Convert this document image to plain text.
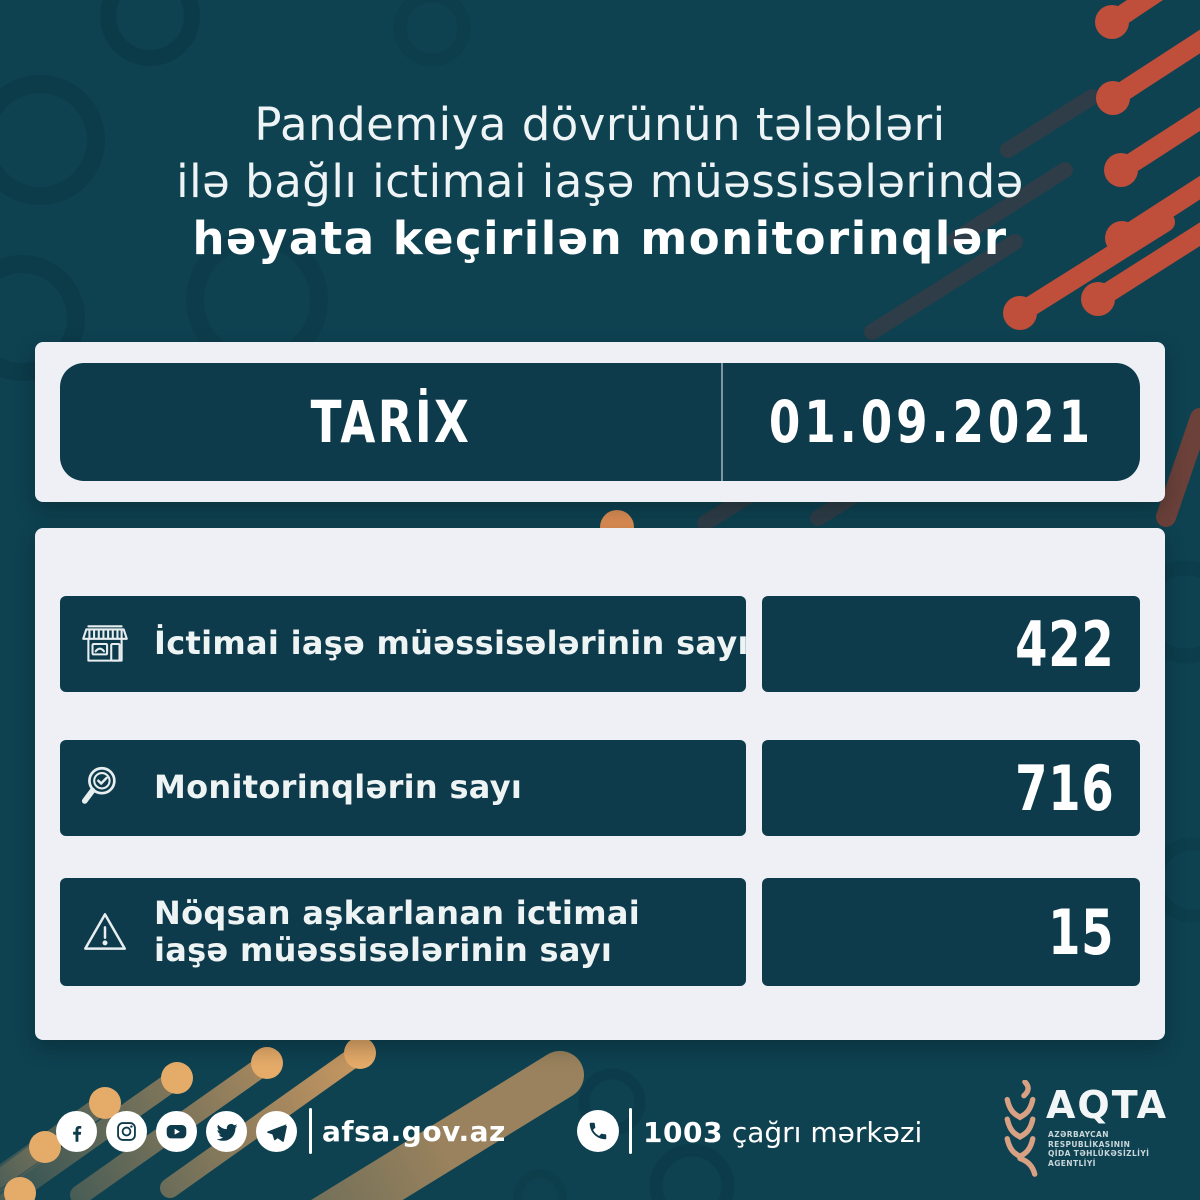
Pandemiya dövrünün tələbləri
ilə bağlı ictimai iaşə müəssisələrində
həyata keçirilən monitorinqlər
TARİX	01.09.2021
İctimai iaşə müəssisələrinin sayı	422
Monitorinqlərin sayı	716
Nöqsan aşkarlanan ictimai iaşə müəssisələrinin sayı	15
afsa.gov.az	1003 çağrı mərkəzi
AQTA
AZƏRBAYCAN
RESPUBLİKASININ
QİDA TƏHLÜKƏSİZLİYİ
AGENTLİYİ
